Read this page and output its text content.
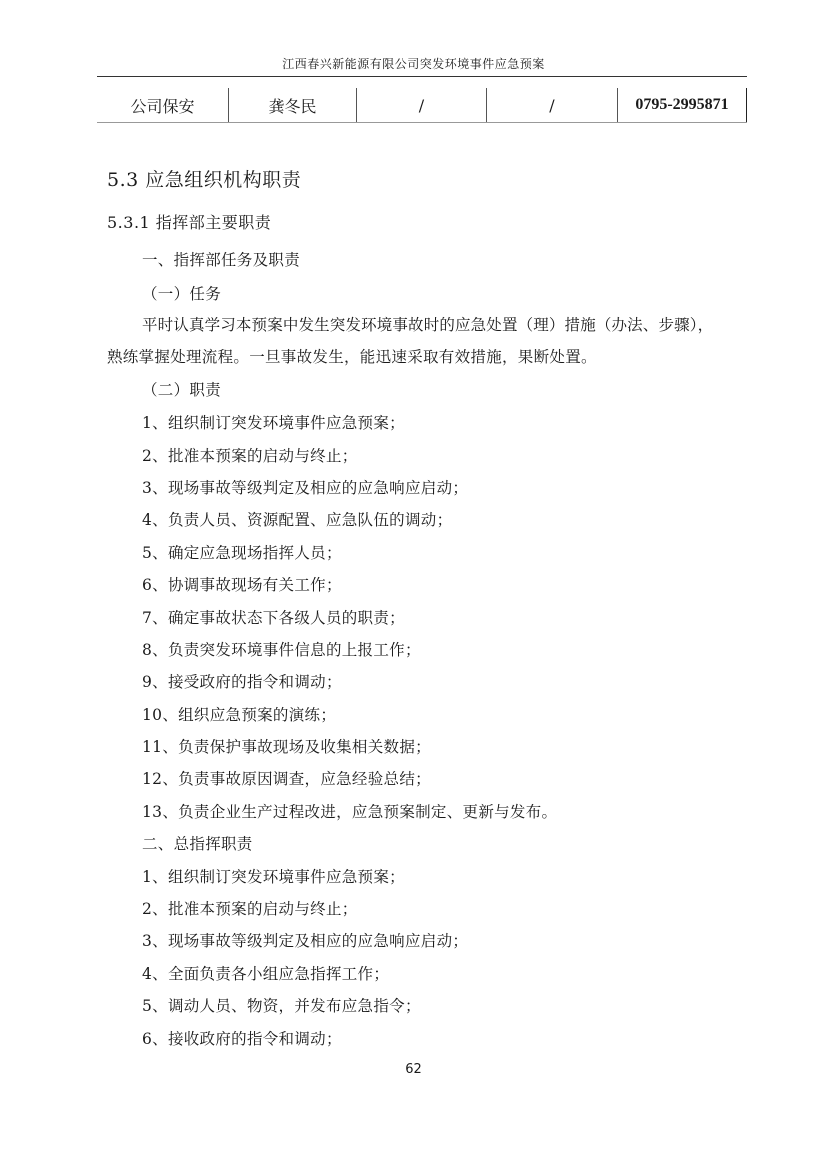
江西春兴新能源有限公司突发环境事件应急预案
公司保安	龚冬民	/	/	0795-2995871
5.3 应急组织机构职责
5.3.1 指挥部主要职责
一、指挥部任务及职责
（一）任务
平时认真学习本预案中发生突发环境事故时的应急处置（理）措施（办法、步骤），
熟练掌握处理流程。一旦事故发生，能迅速采取有效措施，果断处置。
（二）职责
1、组织制订突发环境事件应急预案；
2、批准本预案的启动与终止；
3、现场事故等级判定及相应的应急响应启动；
4、负责人员、资源配置、应急队伍的调动；
5、确定应急现场指挥人员；
6、协调事故现场有关工作；
7、确定事故状态下各级人员的职责；
8、负责突发环境事件信息的上报工作；
9、接受政府的指令和调动；
10、组织应急预案的演练；
11、负责保护事故现场及收集相关数据；
12、负责事故原因调查，应急经验总结；
13、负责企业生产过程改进，应急预案制定、更新与发布。
二、总指挥职责
1、组织制订突发环境事件应急预案；
2、批准本预案的启动与终止；
3、现场事故等级判定及相应的应急响应启动；
4、全面负责各小组应急指挥工作；
5、调动人员、物资，并发布应急指令；
6、接收政府的指令和调动；
62
